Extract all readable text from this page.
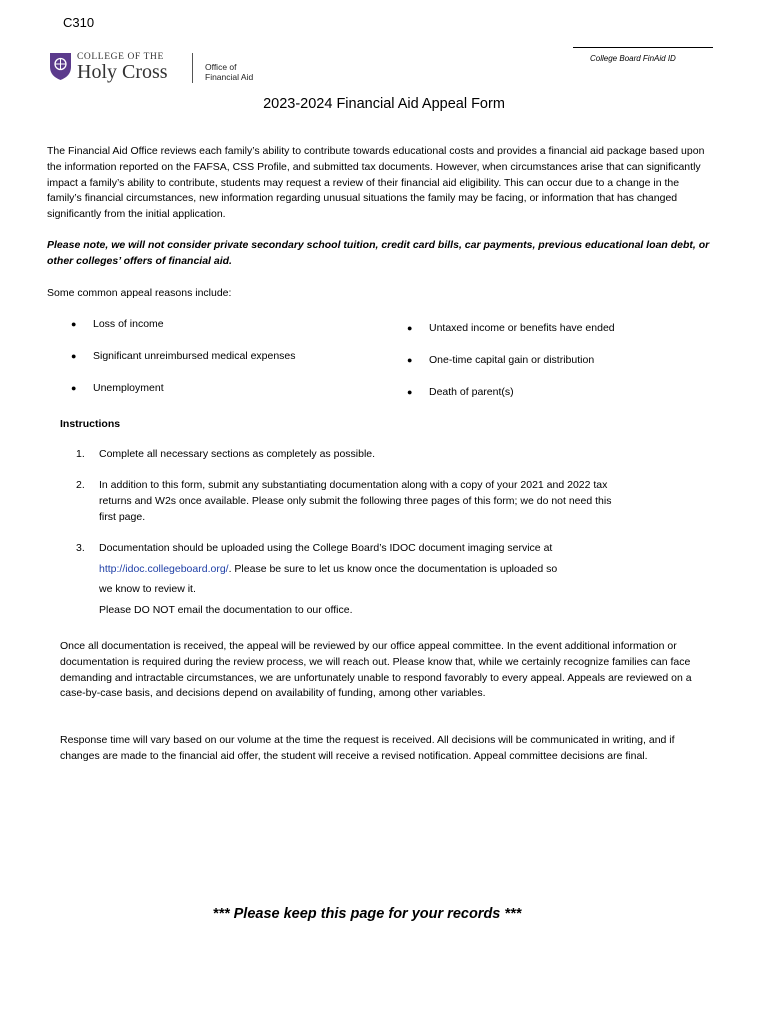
C310
COLLEGE OF THE
Holy Cross	Office of
Financial Aid
College Board FinAid ID
2023-2024 Financial Aid Appeal Form
The Financial Aid Office reviews each family’s ability to contribute towards educational costs and provides a financial aid package based upon the information reported on the FAFSA, CSS Profile, and submitted tax documents. However, when circumstances arise that can significantly impact a family’s ability to contribute, students may request a review of their financial aid eligibility. This can occur due to a change in the family’s financial circumstances, new information regarding unusual situations the family may be facing, or information that has changed significantly from the initial application.
Please note, we will not consider private secondary school tuition, credit card bills, car payments, previous educational loan debt, or other colleges’ offers of financial aid.
Some common appeal reasons include:
● Loss of income
● Significant unreimbursed medical expenses
● Unemployment
● Untaxed income or benefits have ended
● One-time capital gain or distribution
● Death of parent(s)
Instructions
1. Complete all necessary sections as completely as possible.
2. In addition to this form, submit any substantiating documentation along with a copy of your 2021 and 2022 tax returns and W2s once available. Please only submit the following three pages of this form; we do not need this first page.
3. Documentation should be uploaded using the College Board’s IDOC document imaging service at
http://idoc.collegeboard.org/. Please be sure to let us know once the documentation is uploaded so
we know to review it.
Please DO NOT email the documentation to our office.
Once all documentation is received, the appeal will be reviewed by our office appeal committee. In the event additional information or documentation is required during the review process, we will reach out. Please know that, while we certainly recognize families can face demanding and intractable circumstances, we are unfortunately unable to respond favorably to every appeal. Appeals are reviewed on a case-by-case basis, and decisions depend on availability of funding, among other variables.
Response time will vary based on our volume at the time the request is received. All decisions will be communicated in writing, and if changes are made to the financial aid offer, the student will receive a revised notification. Appeal committee decisions are final.
*** Please keep this page for your records ***
